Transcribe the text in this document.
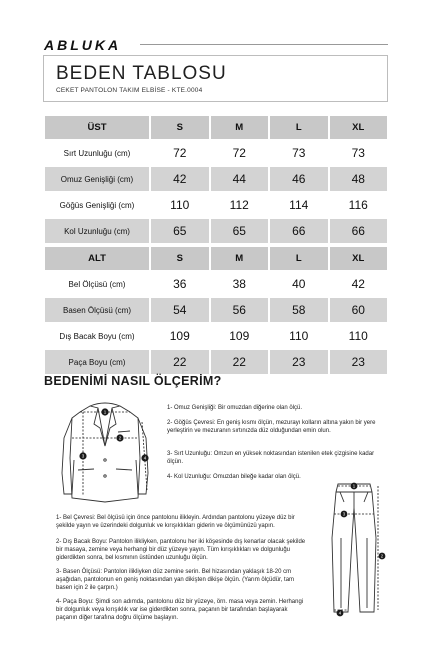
ABLUKA
BEDEN TABLOSU
CEKET PANTOLON TAKIM ELBİSE - KTE.0004
ÜST	S	M	L	XL
Sırt Uzunluğu (cm)	72	72	73	73
Omuz Genişliği (cm)	42	44	46	48
Göğüs Genişliği (cm)	110	112	114	116
Kol Uzunluğu (cm)	65	65	66	66
ALT	S	M	L	XL
Bel Ölçüsü (cm)	36	38	40	42
Basen Ölçüsü (cm)	54	56	58	60
Dış Bacak Boyu (cm)	109	109	110	110
Paça Boyu (cm)	22	22	23	23
BEDENİMİ NASIL ÖLÇERİM?
1
2
3	4
1- Omuz Genişliği: Bir omuzdan diğerine olan ölçü.
2- Göğüs Çevresi: En geniş kısmı ölçün, mezurayı kolların altına yakın bir yere yerleştirin ve mezuranın sırtınızda düz olduğundan emin olun.
3- Sırt Uzunluğu: Omzun en yüksek noktasından istenilen etek çizgisine kadar ölçün.
4- Kol Uzunluğu: Omuzdan bileğe kadar olan ölçü.
1- Bel Çevresi: Bel ölçüsü için önce pantolonu ilikleyin. Ardından pantolonu yüzeye düz bir şekilde yayın ve üzerindeki dolgunluk ve kırışıklıkları giderin ve ölçümünüzü yapın.
2- Dış Bacak Boyu: Pantolon ilikliyken, pantolonu her iki köşesinde dış kenarlar olacak şekilde bir masaya, zemine veya herhangi bir düz yüzeye yayın. Tüm kırışıklıkları ve dolgunluğu giderdikten sonra, bel kısmının üstünden uzunluğu ölçün.
3- Basen Ölçüsü: Pantolon ilikliyken düz zemine serin. Bel hizasından yaklaşık 18-20 cm aşağıdan, pantolonun en geniş noktasından yan dikişten dikişe ölçün. (Yarım ölçüdür, tam basen için 2 ile çarpın.)
4- Paça Boyu: Şimdi son adımda, pantolonu düz bir yüzeye, örn. masa veya zemin. Herhangi bir dolgunluk veya kırışıklık var ise giderdikten sonra, paçanın bir tarafından başlayarak paçanın diğer tarafına doğru ölçüme başlayın.
1
2
3
4
